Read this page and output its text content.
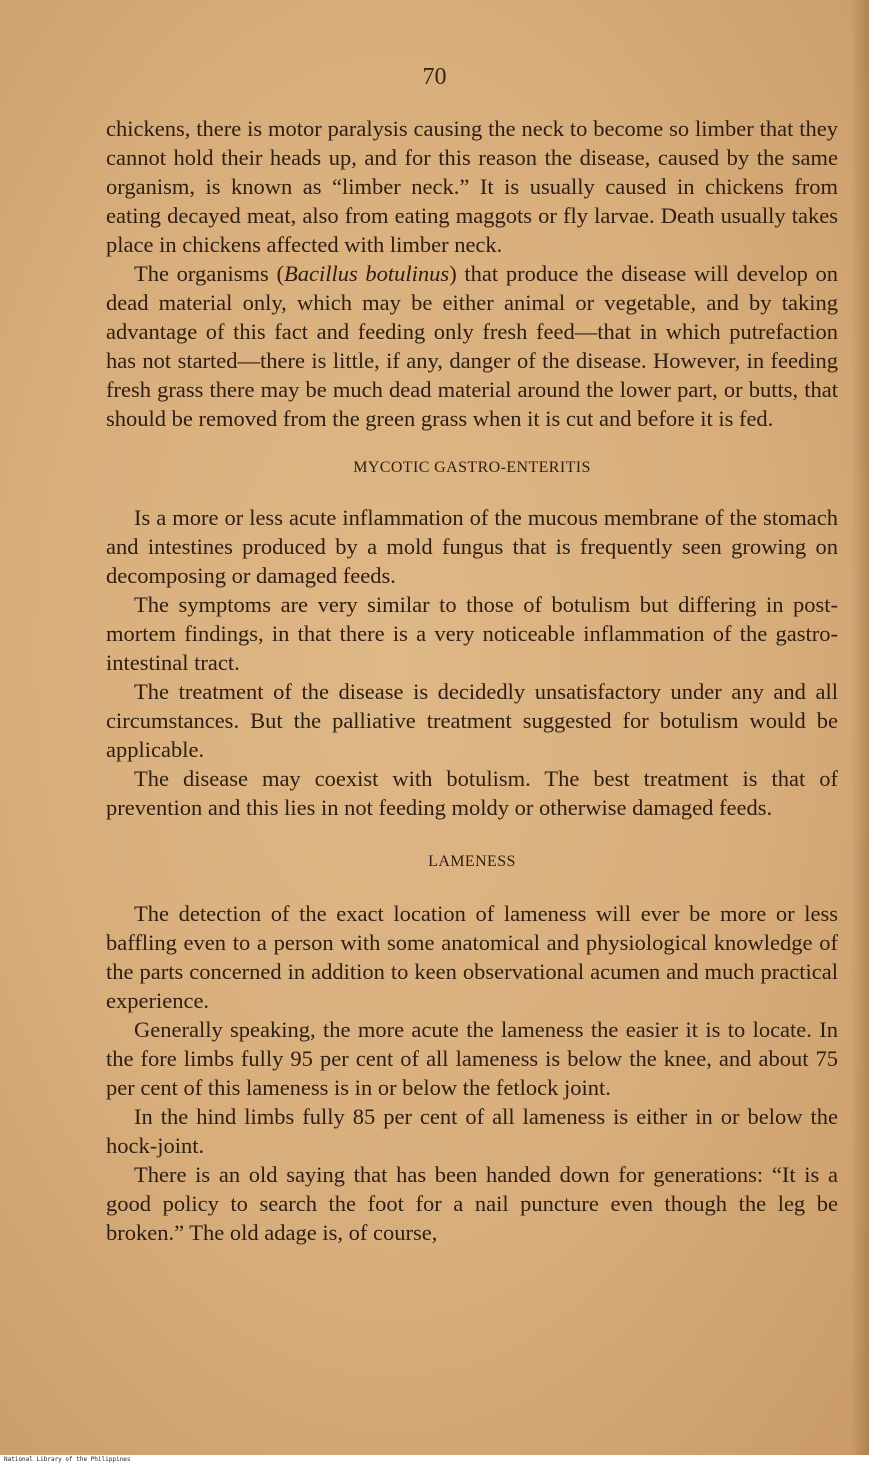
70

chickens, there is motor paralysis causing the neck to become so limber that they cannot hold their heads up, and for this reason the disease, caused by the same organism, is known as “limber neck.” It is usually caused in chickens from eating decayed meat, also from eating maggots or fly larvae. Death usually takes place in chickens affected with limber neck.

The organisms (Bacillus botulinus) that produce the disease will develop on dead material only, which may be either animal or vegetable, and by taking advantage of this fact and feeding only fresh feed—that in which putrefaction has not started—there is little, if any, danger of the disease. However, in feeding fresh grass there may be much dead material around the lower part, or butts, that should be removed from the green grass when it is cut and before it is fed.

MYCOTIC GASTRO-ENTERITIS

Is a more or less acute inflammation of the mucous membrane of the stomach and intestines produced by a mold fungus that is frequently seen growing on decomposing or damaged feeds.

The symptoms are very similar to those of botulism but differing in post-mortem findings, in that there is a very noticeable inflammation of the gastro-intestinal tract.

The treatment of the disease is decidedly unsatisfactory under any and all circumstances. But the palliative treatment suggested for botulism would be applicable.

The disease may coexist with botulism. The best treatment is that of prevention and this lies in not feeding moldy or otherwise damaged feeds.

LAMENESS

The detection of the exact location of lameness will ever be more or less baffling even to a person with some anatomical and physiological knowledge of the parts concerned in addition to keen observational acumen and much practical experience.

Generally speaking, the more acute the lameness the easier it is to locate. In the fore limbs fully 95 per cent of all lameness is below the knee, and about 75 per cent of this lameness is in or below the fetlock joint.

In the hind limbs fully 85 per cent of all lameness is either in or below the hock-joint.

There is an old saying that has been handed down for generations: “It is a good policy to search the foot for a nail puncture even though the leg be broken.” The old adage is, of course,

National Library of the Philippines
